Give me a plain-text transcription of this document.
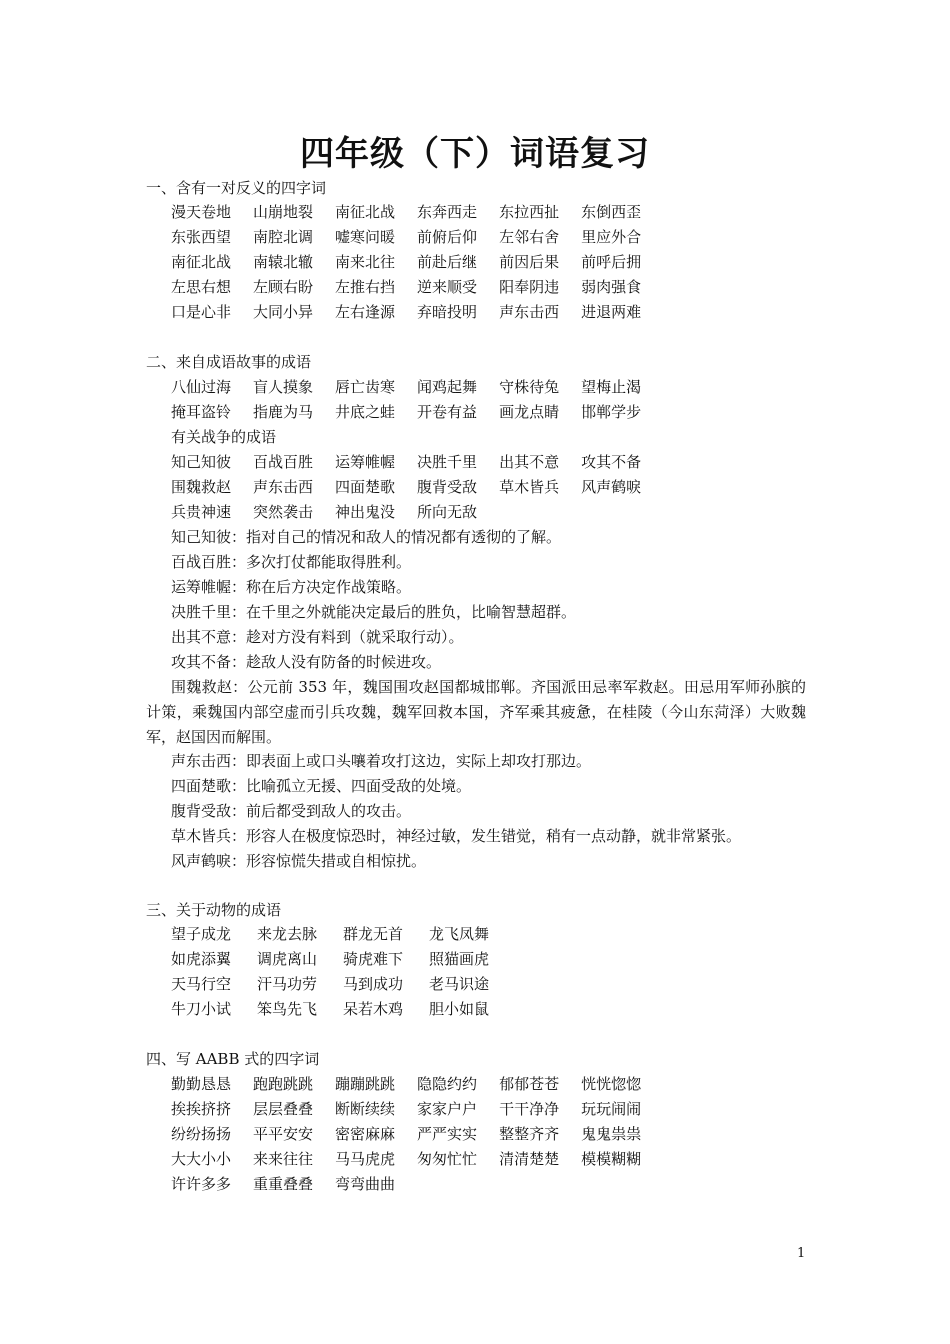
四年级（下）词语复习
一、含有一对反义的四字词
漫天卷地 山崩地裂 南征北战 东奔西走 东拉西扯 东倒西歪
东张西望 南腔北调 嘘寒问暖 前俯后仰 左邻右舍 里应外合
南征北战 南辕北辙 南来北往 前赴后继 前因后果 前呼后拥
左思右想 左顾右盼 左推右挡 逆来顺受 阳奉阴违 弱肉强食
口是心非 大同小异 左右逢源 弃暗投明 声东击西 进退两难
二、来自成语故事的成语
八仙过海 盲人摸象 唇亡齿寒 闻鸡起舞 守株待兔 望梅止渴
掩耳盗铃 指鹿为马 井底之蛙 开卷有益 画龙点睛 邯郸学步
有关战争的成语
知己知彼 百战百胜 运筹帷幄 决胜千里 出其不意 攻其不备
围魏救赵 声东击西 四面楚歌 腹背受敌 草木皆兵 风声鹤唳
兵贵神速 突然袭击 神出鬼没 所向无敌
知己知彼：指对自己的情况和敌人的情况都有透彻的了解。
百战百胜：多次打仗都能取得胜利。
运筹帷幄：称在后方决定作战策略。
决胜千里：在千里之外就能决定最后的胜负，比喻智慧超群。
出其不意：趁对方没有料到（就采取行动）。
攻其不备：趁敌人没有防备的时候进攻。
围魏救赵：公元前 353 年，魏国围攻赵国都城邯郸。齐国派田忌率军救赵。田忌用军师孙膑的计策，乘魏国内部空虚而引兵攻魏，魏军回救本国，齐军乘其疲惫，在桂陵（今山东菏泽）大败魏军，赵国因而解围。
声东击西：即表面上或口头嚷着攻打这边，实际上却攻打那边。
四面楚歌：比喻孤立无援、四面受敌的处境。
腹背受敌：前后都受到敌人的攻击。
草木皆兵：形容人在极度惊恐时，神经过敏，发生错觉，稍有一点动静，就非常紧张。
风声鹤唳：形容惊慌失措或自相惊扰。
三、关于动物的成语
望子成龙 来龙去脉 群龙无首 龙飞凤舞
如虎添翼 调虎离山 骑虎难下 照猫画虎
天马行空 汗马功劳 马到成功 老马识途
牛刀小试 笨鸟先飞 呆若木鸡 胆小如鼠
四、写 AABB 式的四字词
勤勤恳恳 跑跑跳跳 蹦蹦跳跳 隐隐约约 郁郁苍苍 恍恍惚惚
挨挨挤挤 层层叠叠 断断续续 家家户户 干干净净 玩玩闹闹
纷纷扬扬 平平安安 密密麻麻 严严实实 整整齐齐 鬼鬼祟祟
大大小小 来来往往 马马虎虎 匆匆忙忙 清清楚楚 模模糊糊
许许多多 重重叠叠 弯弯曲曲
1
